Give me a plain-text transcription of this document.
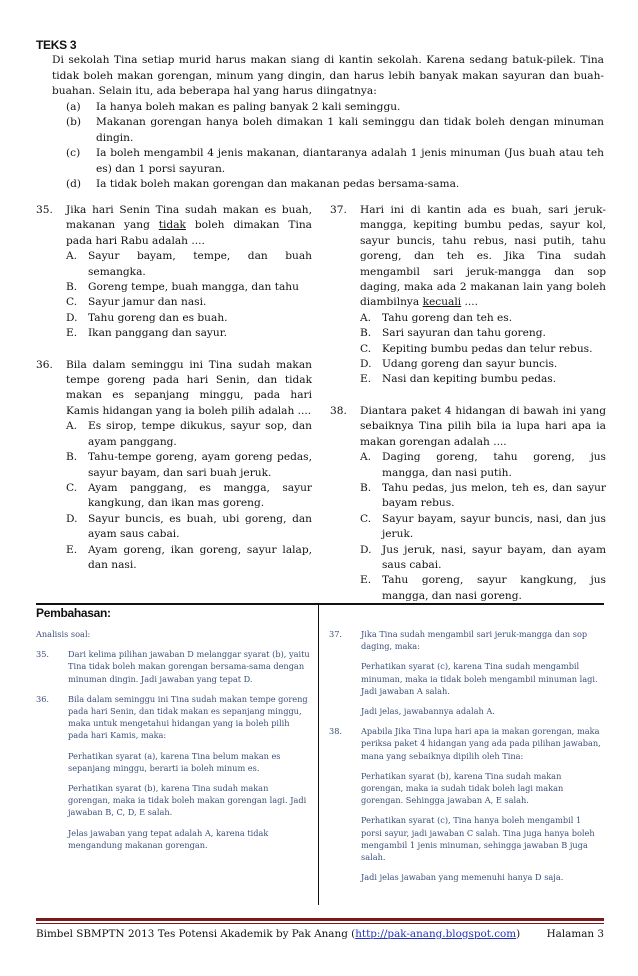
TEKS 3
Di sekolah Tina setiap murid harus makan siang di kantin sekolah. Karena sedang batuk-pilek. Tina tidak boleh makan gorengan, minum yang dingin, dan harus lebih banyak makan sayuran dan buah-buahan. Selain itu, ada beberapa hal yang harus diingatnya:
(a) Ia hanya boleh makan es paling banyak 2 kali seminggu.
(b) Makanan gorengan hanya boleh dimakan 1 kali seminggu dan tidak boleh dengan minuman dingin.
(c) Ia boleh mengambil 4 jenis makanan, diantaranya adalah 1 jenis minuman (Jus buah atau teh es) dan 1 porsi sayuran.
(d) Ia tidak boleh makan gorengan dan makanan pedas bersama-sama.
35. Jika hari Senin Tina sudah makan es buah, makanan yang tidak boleh dimakan Tina pada hari Rabu adalah ....
A. Sayur bayam, tempe, dan buah semangka.
B. Goreng tempe, buah mangga, dan tahu
C. Sayur jamur dan nasi.
D. Tahu goreng dan es buah.
E. Ikan panggang dan sayur.
36. Bila dalam seminggu ini Tina sudah makan tempe goreng pada hari Senin, dan tidak makan es sepanjang minggu, pada hari Kamis hidangan yang ia boleh pilih adalah ....
A. Es sirop, tempe dikukus, sayur sop, dan ayam panggang.
B. Tahu-tempe goreng, ayam goreng pedas, sayur bayam, dan sari buah jeruk.
C. Ayam panggang, es mangga, sayur kangkung, dan ikan mas goreng.
D. Sayur buncis, es buah, ubi goreng, dan ayam saus cabai.
E. Ayam goreng, ikan goreng, sayur lalap, dan nasi.
37. Hari ini di kantin ada es buah, sari jeruk-mangga, kepiting bumbu pedas, sayur kol, sayur buncis, tahu rebus, nasi putih, tahu goreng, dan teh es. Jika Tina sudah mengambil sari jeruk-mangga dan sop daging, maka ada 2 makanan lain yang boleh diambilnya kecuali ....
A. Tahu goreng dan teh es.
B. Sari sayuran dan tahu goreng.
C. Kepiting bumbu pedas dan telur rebus.
D. Udang goreng dan sayur buncis.
E. Nasi dan kepiting bumbu pedas.
38. Diantara paket 4 hidangan di bawah ini yang sebaiknya Tina pilih bila ia lupa hari apa ia makan gorengan adalah ....
A. Daging goreng, tahu goreng, jus mangga, dan nasi putih.
B. Tahu pedas, jus melon, teh es, dan sayur bayam rebus.
C. Sayur bayam, sayur buncis, nasi, dan jus jeruk.
D. Jus jeruk, nasi, sayur bayam, dan ayam saus cabai.
E. Tahu goreng, sayur kangkung, jus mangga, dan nasi goreng.
Pembahasan:
Analisis soal:
35. Dari kelima pilihan jawaban D melanggar syarat (b), yaitu Tina tidak boleh makan gorengan bersama-sama dengan minuman dingin. Jadi jawaban yang tepat D.

36. Bila dalam seminggu ini Tina sudah makan tempe goreng pada hari Senin, dan tidak makan es sepanjang minggu, maka untuk mengetahui hidangan yang ia boleh pilih pada hari Kamis, maka:

Perhatikan syarat (a), karena Tina belum makan es sepanjang minggu, berarti ia boleh minum es.

Perhatikan syarat (b), karena Tina sudah makan gorengan, maka ia tidak boleh makan gorengan lagi. Jadi jawaban B, C, D, E salah.

Jelas jawaban yang tepat adalah A, karena tidak mengandung makanan gorengan.

37. Jika Tina sudah mengambil sari jeruk-mangga dan sop daging, maka:

Perhatikan syarat (c), karena Tina sudah mengambil minuman, maka ia tidak boleh mengambil minuman lagi. Jadi jawaban A salah.

Jadi jelas, jawabannya adalah A.

38. Apabila Jika Tina lupa hari apa ia makan gorengan, maka periksa paket 4 hidangan yang ada pada pilihan jawaban, mana yang sebaiknya dipilih oleh Tina:

Perhatikan syarat (b), karena Tina sudah makan gorengan, maka ia sudah tidak boleh lagi makan gorengan. Sehingga jawaban A, E salah.

Perhatikan syarat (c), Tina hanya boleh mengambil 1 porsi sayur, jadi jawaban C salah. Tina juga hanya boleh mengambil 1 jenis minuman, sehingga jawaban B juga salah.

Jadi jelas jawaban yang memenuhi hanya D saja.

Bimbel SBMPTN 2013 Tes Potensi Akademik by Pak Anang (http://pak-anang.blogspot.com)	Halaman 3
